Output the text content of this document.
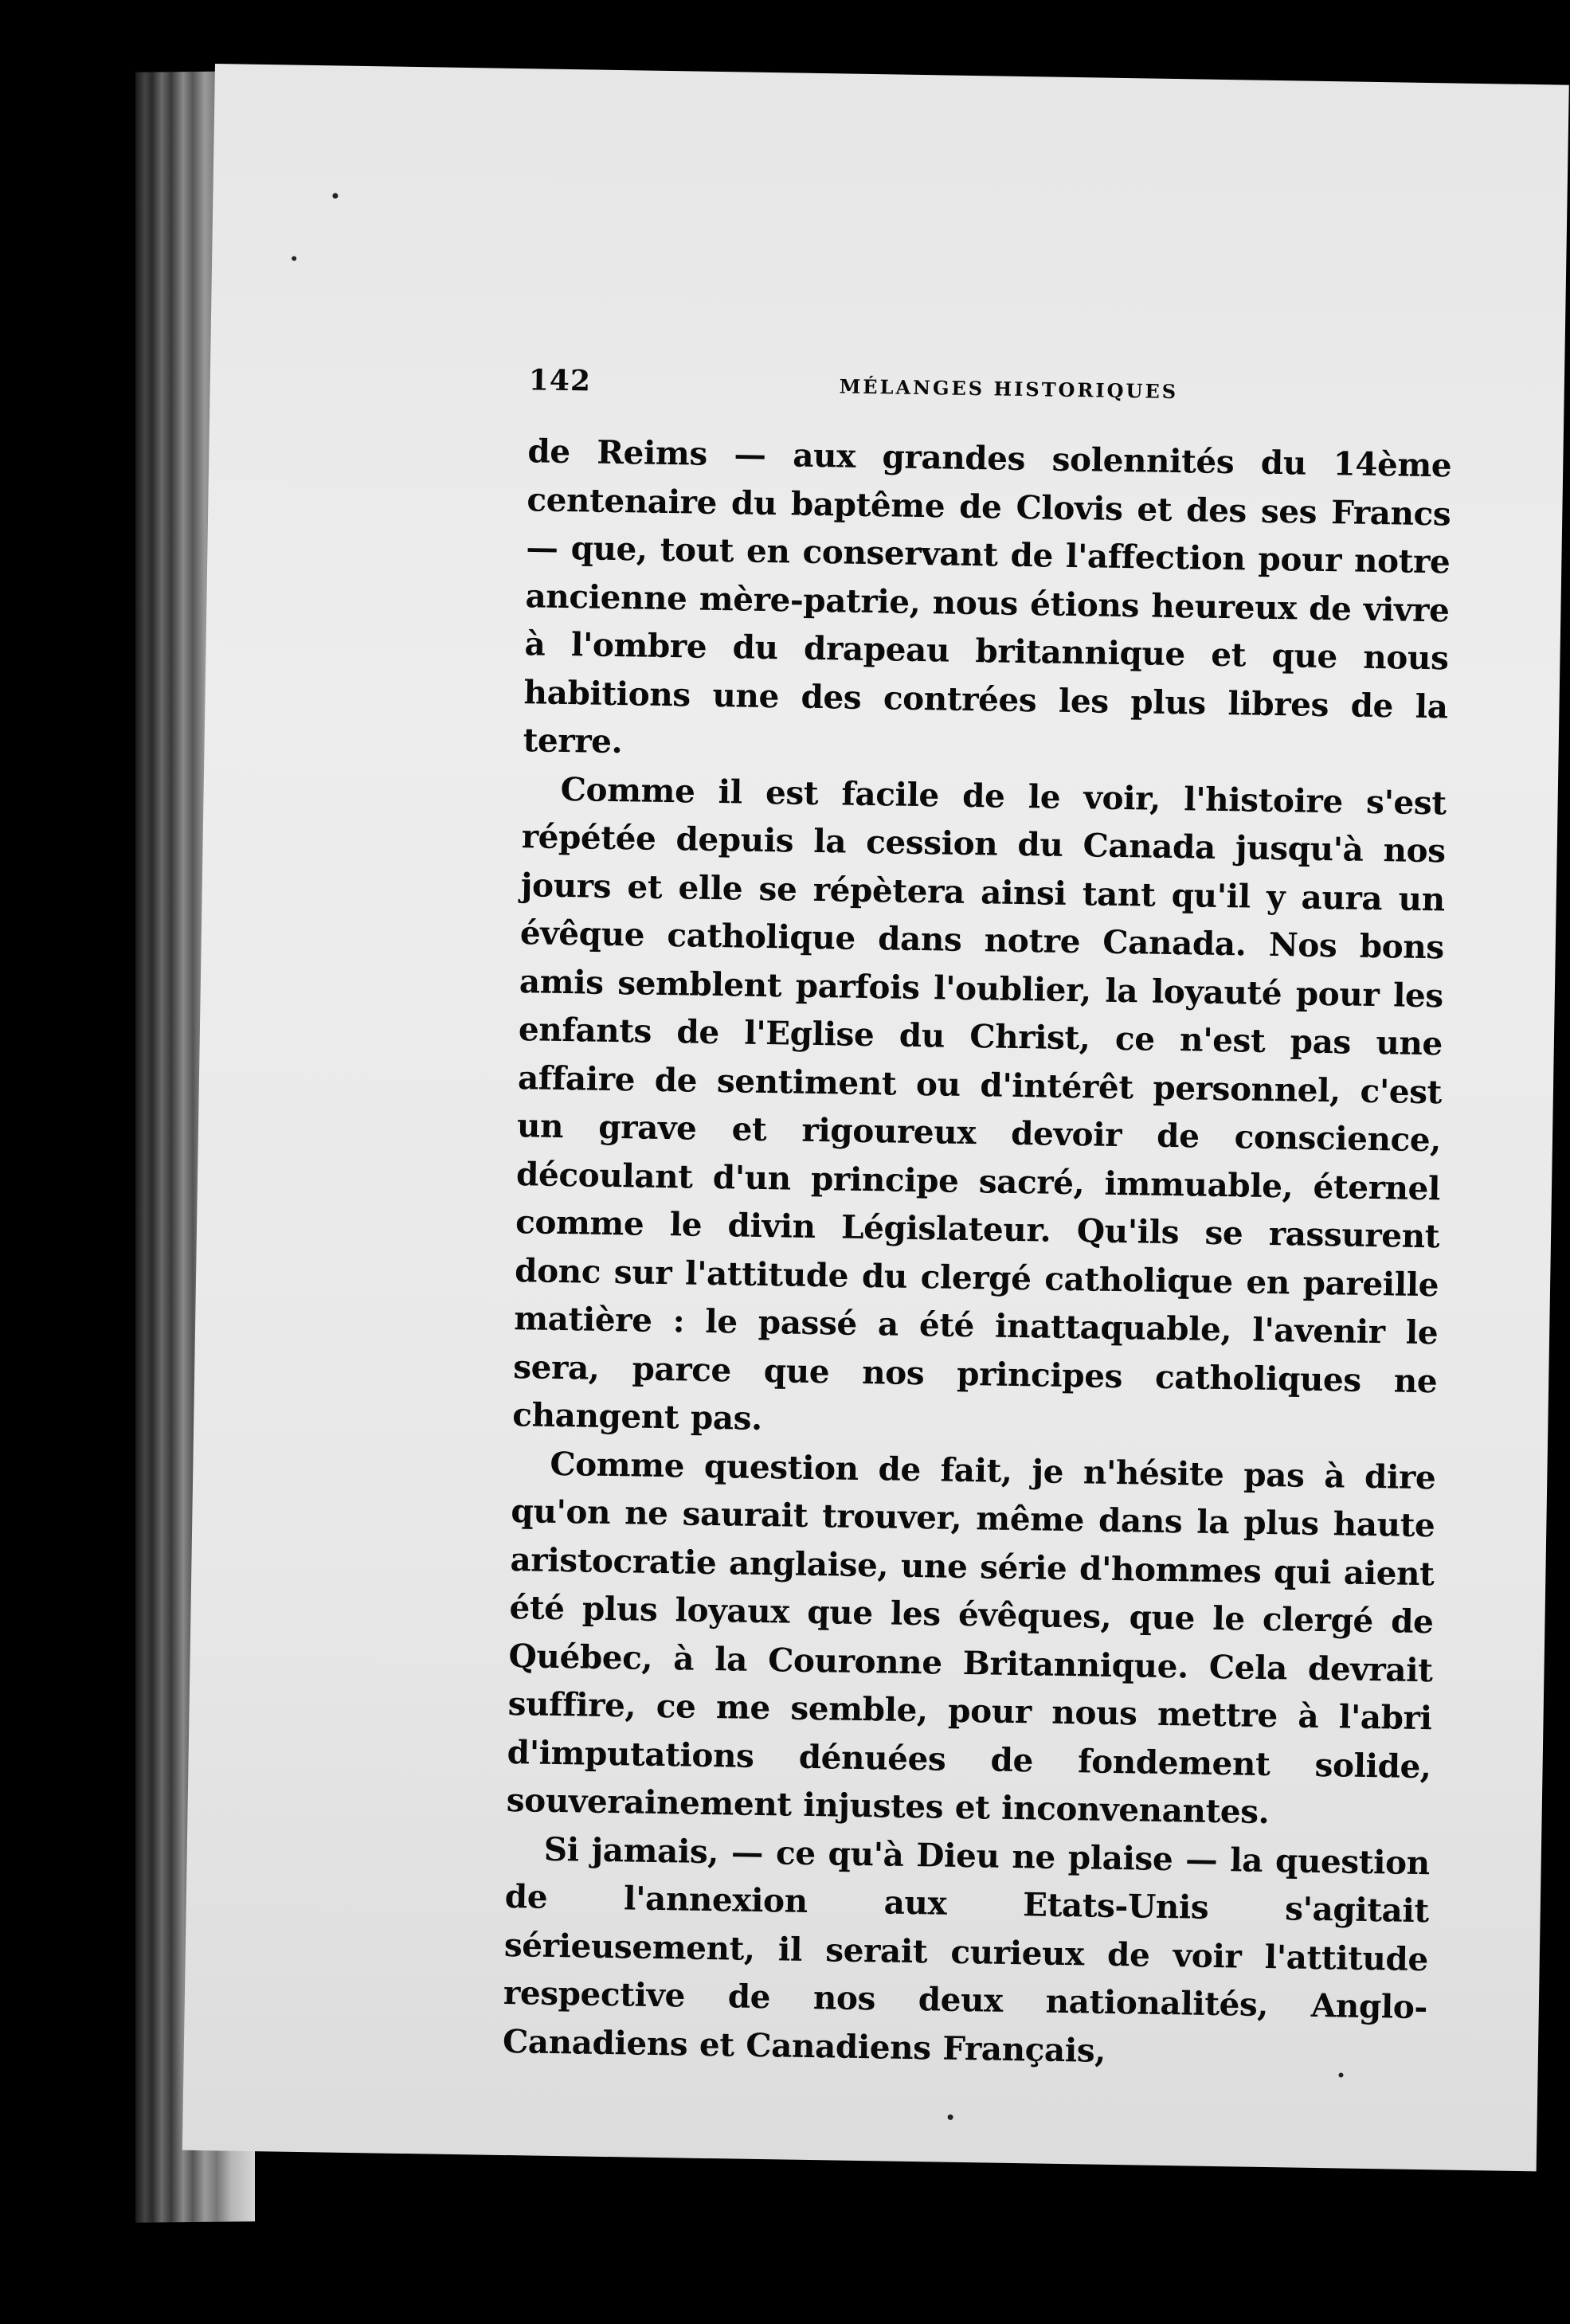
142	MÉLANGES HISTORIQUES

de Reims — aux grandes solennités du 14ème centenaire du baptême de Clovis et des ses Francs — que, tout en conservant de l'affection pour notre ancienne mère-patrie, nous étions heureux de vivre à l'ombre du drapeau britannique et que nous habitions une des contrées les plus libres de la terre.

Comme il est facile de le voir, l'histoire s'est répétée depuis la cession du Canada jusqu'à nos jours et elle se répètera ainsi tant qu'il y aura un évêque catholique dans notre Canada. Nos bons amis semblent parfois l'oublier, la loyauté pour les enfants de l'Eglise du Christ, ce n'est pas une affaire de sentiment ou d'intérêt personnel, c'est un grave et rigoureux devoir de conscience, découlant d'un principe sacré, immuable, éternel comme le divin Législateur. Qu'ils se rassurent donc sur l'attitude du clergé catholique en pareille matière : le passé a été inattaquable, l'avenir le sera, parce que nos principes catholiques ne changent pas.

Comme question de fait, je n'hésite pas à dire qu'on ne saurait trouver, même dans la plus haute aristocratie anglaise, une série d'hommes qui aient été plus loyaux que les évêques, que le clergé de Québec, à la Couronne Britannique. Cela devrait suffire, ce me semble, pour nous mettre à l'abri d'imputations dénuées de fondement solide, souverainement injustes et inconvenantes.

Si jamais, — ce qu'à Dieu ne plaise — la question de l'annexion aux Etats-Unis s'agitait sérieusement, il serait curieux de voir l'attitude respective de nos deux nationalités, Anglo-Canadiens et Canadiens Français,
